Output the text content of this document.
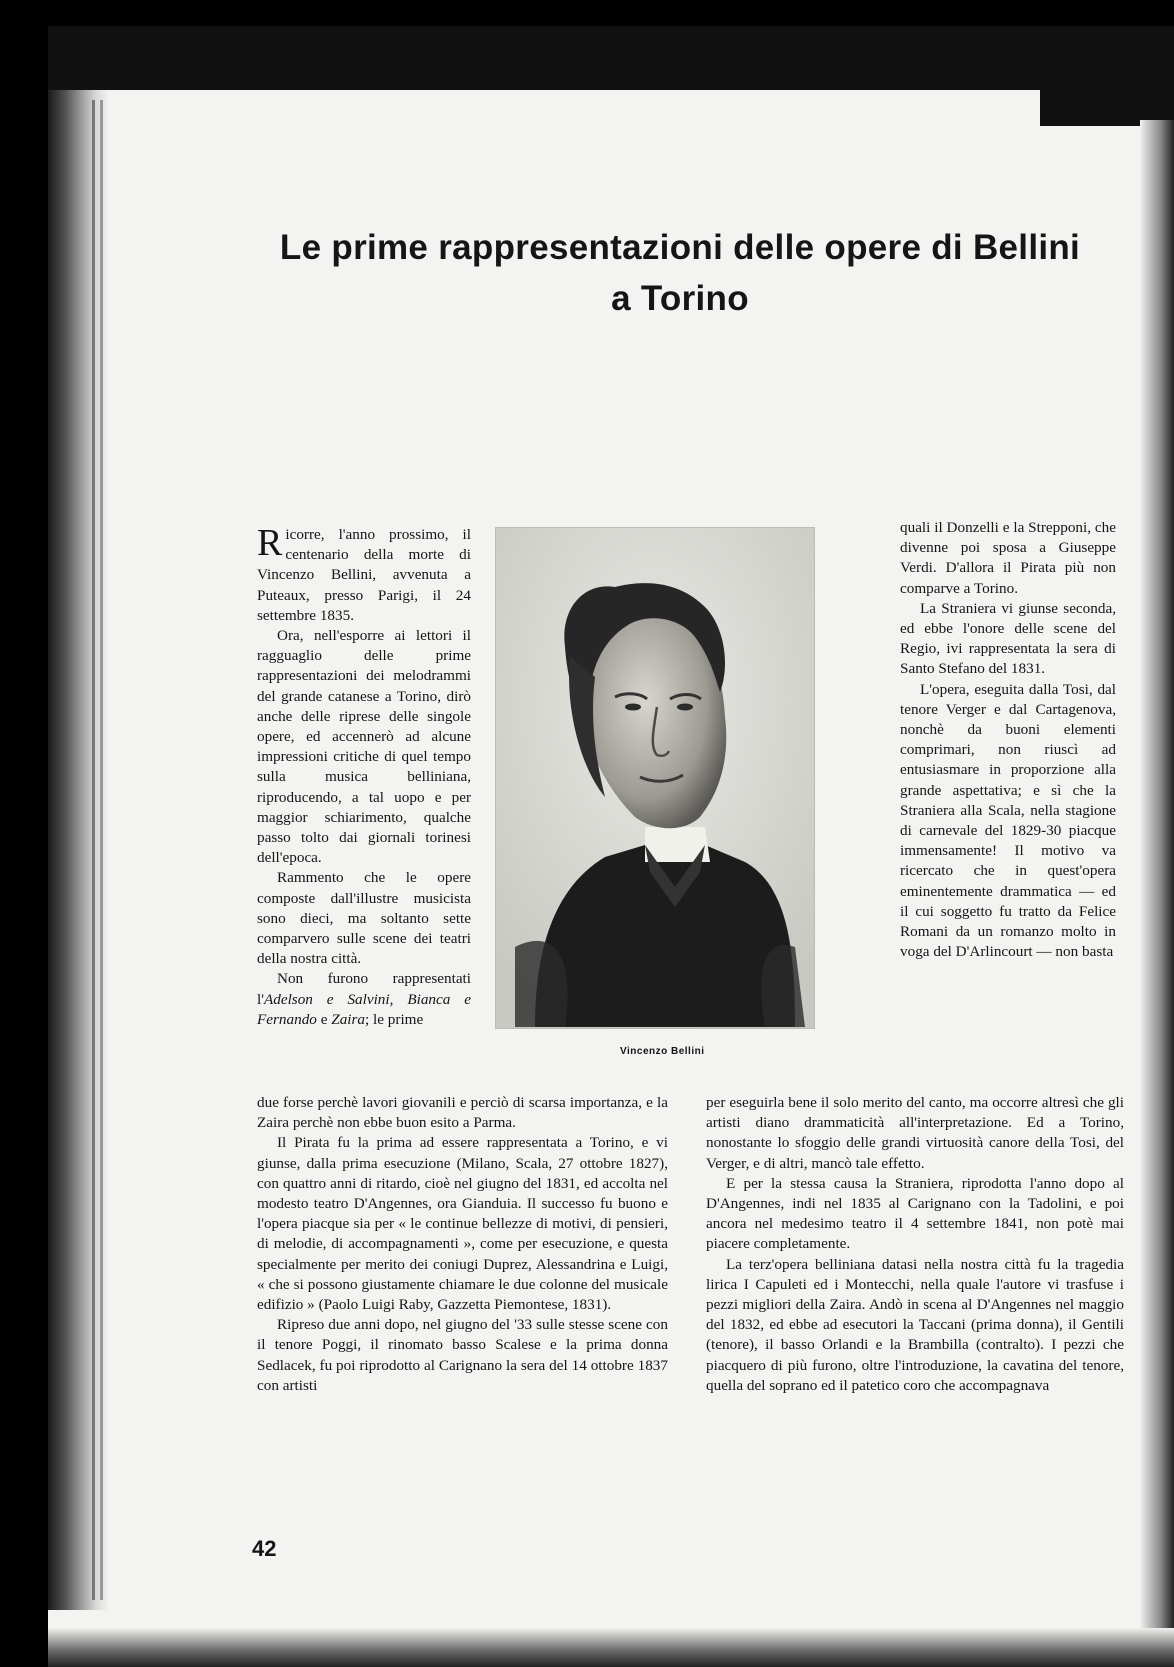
Le prime rappresentazioni delle opere di Bellini
a Torino

Ricorre, l'anno prossimo, il centenario della morte di Vincenzo Bellini, avvenuta a Puteaux, presso Parigi, il 24 settembre 1835.

Ora, nell'esporre ai lettori il ragguaglio delle prime rappresentazioni dei melodrammi del grande catanese a Torino, dirò anche delle riprese delle singole opere, ed accennerò ad alcune impressioni critiche di quel tempo sulla musica belliniana, riproducendo, a tal uopo e per maggior schiarimento, qualche passo tolto dai giornali torinesi dell'epoca.

Rammento che le opere composte dall'illustre musicista sono dieci, ma soltanto sette comparvero sulle scene dei teatri della nostra città.

Non furono rappresentati l'Adelson e Salvini, Bianca e Fernando e Zaira; le prime

Vincenzo Bellini

quali il Donzelli e la Strepponi, che divenne poi sposa a Giuseppe Verdi. D'allora il Pirata più non comparve a Torino.

La Straniera vi giunse seconda, ed ebbe l'onore delle scene del Regio, ivi rappresentata la sera di Santo Stefano del 1831.

L'opera, eseguita dalla Tosi, dal tenore Verger e dal Cartagenova, nonchè da buoni elementi comprimari, non riuscì ad entusiasmare in proporzione alla grande aspettativa; e sì che la Straniera alla Scala, nella stagione di carnevale del 1829-30 piacque immensamente! Il motivo va ricercato che in quest'opera eminentemente drammatica — ed il cui soggetto fu tratto da Felice Romani da un romanzo molto in voga del D'Arlincourt — non basta

due forse perchè lavori giovanili e perciò di scarsa importanza, e la Zaira perchè non ebbe buon esito a Parma.

Il Pirata fu la prima ad essere rappresentata a Torino, e vi giunse, dalla prima esecuzione (Milano, Scala, 27 ottobre 1827), con quattro anni di ritardo, cioè nel giugno del 1831, ed accolta nel modesto teatro D'Angennes, ora Gianduia. Il successo fu buono e l'opera piacque sia per « le continue bellezze di motivi, di pensieri, di melodie, di accompagnamenti », come per esecuzione, e questa specialmente per merito dei coniugi Duprez, Alessandrina e Luigi, « che si possono giustamente chiamare le due colonne del musicale edifizio » (Paolo Luigi Raby, Gazzetta Piemontese, 1831).

Ripreso due anni dopo, nel giugno del '33 sulle stesse scene con il tenore Poggi, il rinomato basso Scalese e la prima donna Sedlacek, fu poi riprodotto al Carignano la sera del 14 ottobre 1837 con artisti

per eseguirla bene il solo merito del canto, ma occorre altresì che gli artisti diano drammaticità all'interpretazione. Ed a Torino, nonostante lo sfoggio delle grandi virtuosità canore della Tosi, del Verger, e di altri, mancò tale effetto.

E per la stessa causa la Straniera, riprodotta l'anno dopo al D'Angennes, indi nel 1835 al Carignano con la Tadolini, e poi ancora nel medesimo teatro il 4 settembre 1841, non potè mai piacere completamente.

La terz'opera belliniana datasi nella nostra città fu la tragedia lirica I Capuleti ed i Montecchi, nella quale l'autore vi trasfuse i pezzi migliori della Zaira. Andò in scena al D'Angennes nel maggio del 1832, ed ebbe ad esecutori la Taccani (prima donna), il Gentili (tenore), il basso Orlandi e la Brambilla (contralto). I pezzi che piacquero di più furono, oltre l'introduzione, la cavatina del tenore, quella del soprano ed il patetico coro che accompagnava

42
